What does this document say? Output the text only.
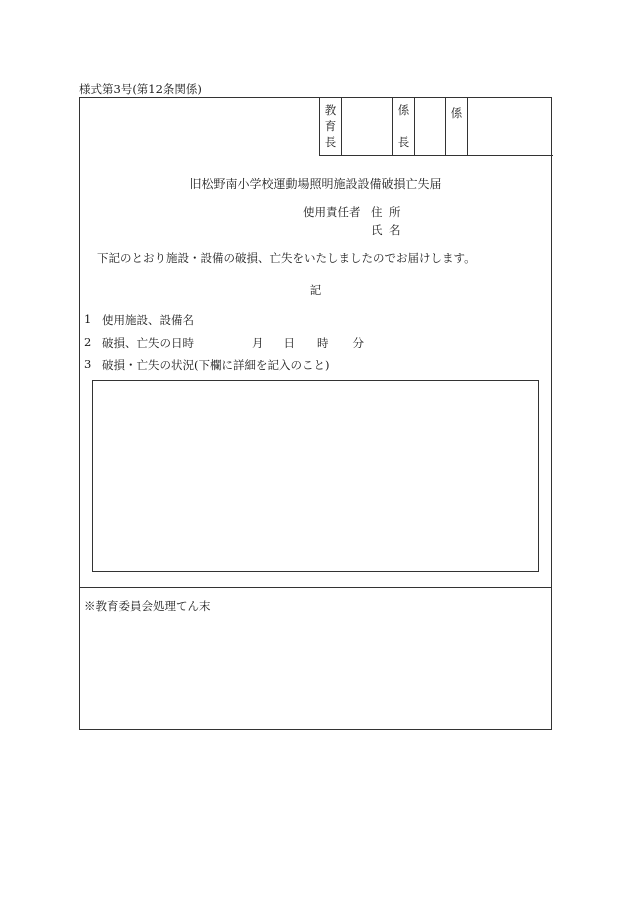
様式第3号(第12条関係)
教
育
長
係

長
係
旧松野南小学校運動場照明施設設備破損亡失届
使用責任者 住 所
氏 名
下記のとおり施設・設備の破損、亡失をいたしましたのでお届けします。
記
1 使用施設、設備名
2 破損、亡失の日時	月 日 時 分
3 破損・亡失の状況(下欄に詳細を記入のこと)
※教育委員会処理てん末
